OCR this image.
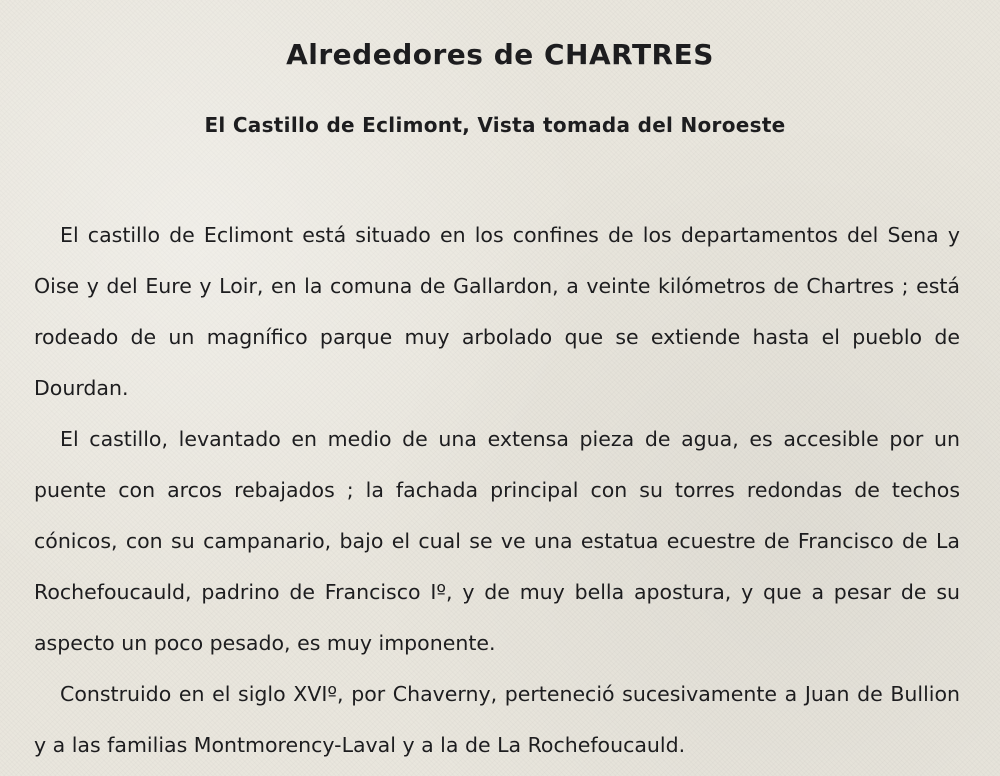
Alrededores de CHARTRES
El Castillo de Eclimont, Vista tomada del Noroeste

El castillo de Eclimont está situado en los confines de los departamentos del Sena y Oise y del Eure y Loir, en la comuna de Gallardon, a veinte kilómetros de Chartres ; está rodeado de un magnífico parque muy arbolado que se extiende hasta el pueblo de Dourdan.

El castillo, levantado en medio de una extensa pieza de agua, es accesible por un puente con arcos rebajados ; la fachada principal con su torres redondas de techos cónicos, con su campanario, bajo el cual se ve una estatua ecuestre de Francisco de La Rochefoucauld, padrino de Francisco Iº, y de muy bella apostura, y que a pesar de su aspecto un poco pesado, es muy imponente.

Construido en el siglo XVIº, por Chaverny, perteneció sucesivamente a Juan de Bullion y a las familias Montmorency-Laval y a la de La Rochefoucauld.
